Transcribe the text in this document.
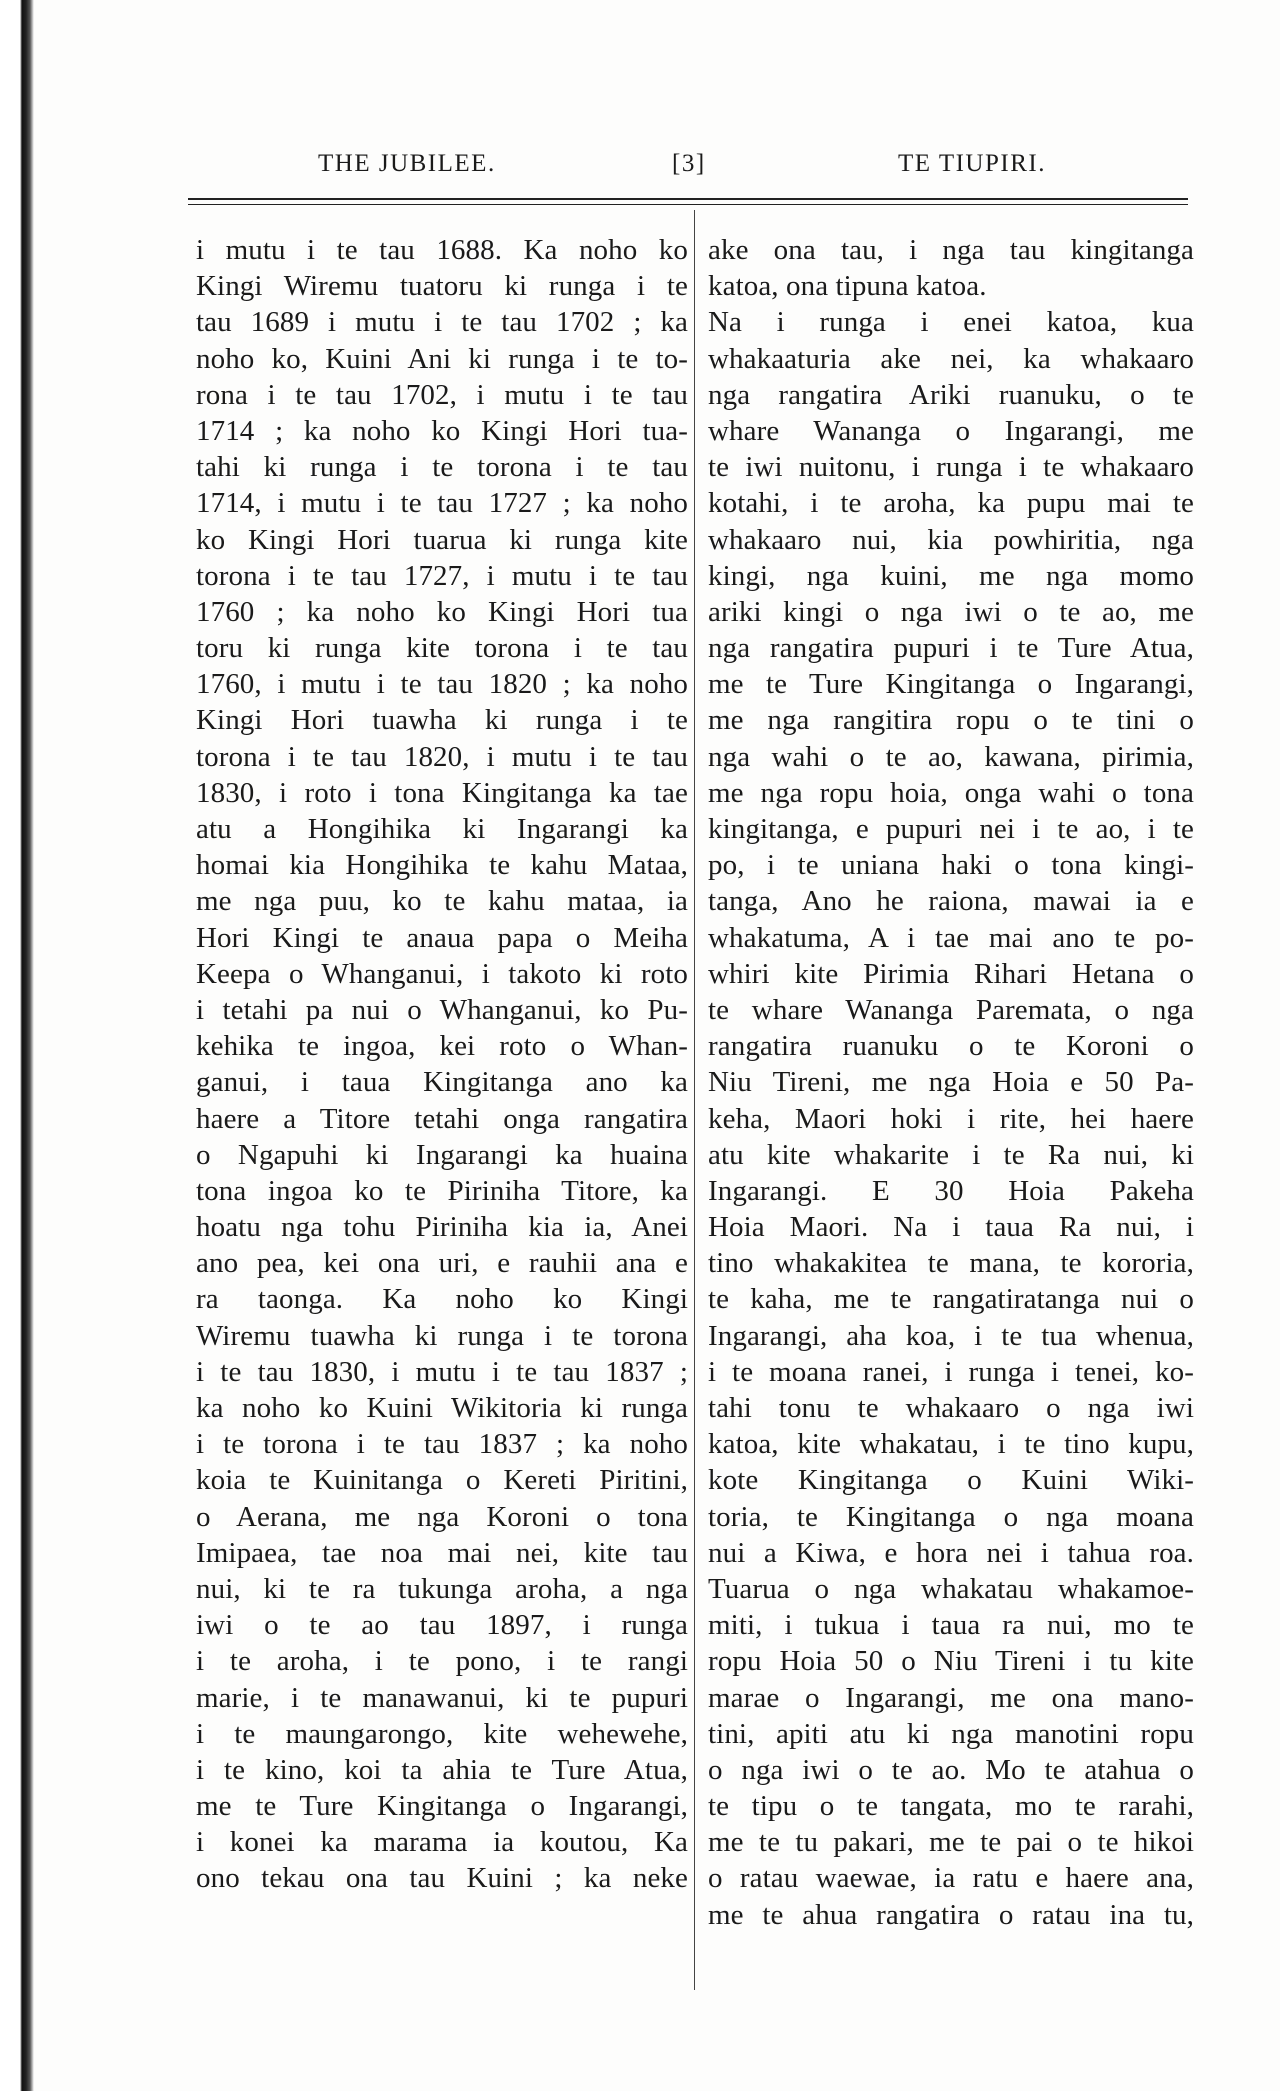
THE JUBILEE.	[3]	TE TIUPIRI.
i mutu i te tau 1688. Ka noho ko
Kingi Wiremu tuatoru ki runga i te
tau 1689 i mutu i te tau 1702 ; ka
noho ko, Kuini Ani ki runga i te to-
rona i te tau 1702, i mutu i te tau
1714 ; ka noho ko Kingi Hori tua-
tahi ki runga i te torona i te tau
1714, i mutu i te tau 1727 ; ka noho
ko Kingi Hori tuarua ki runga kite
torona i te tau 1727, i mutu i te tau
1760 ; ka noho ko Kingi Hori tua
toru ki runga kite torona i te tau
1760, i mutu i te tau 1820 ; ka noho
Kingi Hori tuawha ki runga i te
torona i te tau 1820, i mutu i te tau
1830, i roto i tona Kingitanga ka tae
atu a Hongihika ki Ingarangi ka
homai kia Hongihika te kahu Mataa,
me nga puu, ko te kahu mataa, ia
Hori Kingi te anaua papa o Meiha
Keepa o Whanganui, i takoto ki roto
i tetahi pa nui o Whanganui, ko Pu-
kehika te ingoa, kei roto o Whan-
ganui, i taua Kingitanga ano ka
haere a Titore tetahi onga rangatira
o Ngapuhi ki Ingarangi ka huaina
tona ingoa ko te Piriniha Titore, ka
hoatu nga tohu Piriniha kia ia, Anei
ano pea, kei ona uri, e rauhii ana e
ra taonga. Ka noho ko Kingi
Wiremu tuawha ki runga i te torona
i te tau 1830, i mutu i te tau 1837 ;
ka noho ko Kuini Wikitoria ki runga
i te torona i te tau 1837 ; ka noho
koia te Kuinitanga o Kereti Piritini,
o Aerana, me nga Koroni o tona
Imipaea, tae noa mai nei, kite tau
nui, ki te ra tukunga aroha, a nga
iwi o te ao tau 1897, i runga
i te aroha, i te pono, i te rangi
marie, i te manawanui, ki te pupuri
i te maungarongo, kite wehewehe,
i te kino, koi ta ahia te Ture Atua,
me te Ture Kingitanga o Ingarangi,
i konei ka marama ia koutou, Ka
ono tekau ona tau Kuini ; ka neke
ake ona tau, i nga tau kingitanga
katoa, ona tipuna katoa.
Na i runga i enei katoa, kua
whakaaturia ake nei, ka whakaaro
nga rangatira Ariki ruanuku, o te
whare Wananga o Ingarangi, me
te iwi nuitonu, i runga i te whakaaro
kotahi, i te aroha, ka pupu mai te
whakaaro nui, kia powhiritia, nga
kingi, nga kuini, me nga momo
ariki kingi o nga iwi o te ao, me
nga rangatira pupuri i te Ture Atua,
me te Ture Kingitanga o Ingarangi,
me nga rangitira ropu o te tini o
nga wahi o te ao, kawana, pirimia,
me nga ropu hoia, onga wahi o tona
kingitanga, e pupuri nei i te ao, i te
po, i te uniana haki o tona kingi-
tanga, Ano he raiona, mawai ia e
whakatuma, A i tae mai ano te po-
whiri kite Pirimia Rihari Hetana o
te whare Wananga Paremata, o nga
rangatira ruanuku o te Koroni o
Niu Tireni, me nga Hoia e 50 Pa-
keha, Maori hoki i rite, hei haere
atu kite whakarite i te Ra nui, ki
Ingarangi. E 30 Hoia Pakeha
Hoia Maori. Na i taua Ra nui, i
tino whakakitea te mana, te kororia,
te kaha, me te rangatiratanga nui o
Ingarangi, aha koa, i te tua whenua,
i te moana ranei, i runga i tenei, ko-
tahi tonu te whakaaro o nga iwi
katoa, kite whakatau, i te tino kupu,
kote Kingitanga o Kuini Wiki-
toria, te Kingitanga o nga moana
nui a Kiwa, e hora nei i tahua roa.
Tuarua o nga whakatau whakamoe-
miti, i tukua i taua ra nui, mo te
ropu Hoia 50 o Niu Tireni i tu kite
marae o Ingarangi, me ona mano-
tini, apiti atu ki nga manotini ropu
o nga iwi o te ao. Mo te atahua o
te tipu o te tangata, mo te rarahi,
me te tu pakari, me te pai o te hikoi
o ratau waewae, ia ratu e haere ana,
me te ahua rangatira o ratau ina tu,
